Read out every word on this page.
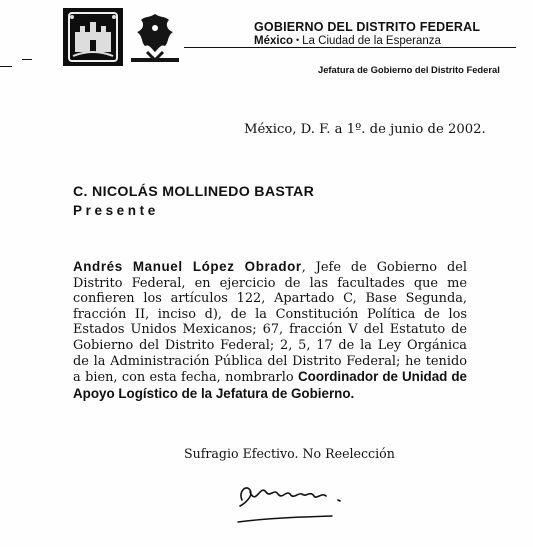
GOBIERNO DEL DISTRITO FEDERAL
México • La Ciudad de la Esperanza
Jefatura de Gobierno del Distrito Federal
México, D. F. a 1º. de junio de 2002.
C. NICOLÁS MOLLINEDO BASTAR
Presente
Andrés Manuel López Obrador, Jefe de Gobierno del Distrito Federal, en ejercicio de las facultades que me confieren los artículos 122, Apartado C, Base Segunda, fracción II, inciso d), de la Constitución Política de los Estados Unidos Mexicanos; 67, fracción V del Estatuto de Gobierno del Distrito Federal; 2, 5, 17 de la Ley Orgánica de la Administración Pública del Distrito Federal; he tenido a bien, con esta fecha, nombrarlo Coordinador de Unidad de Apoyo Logístico de la Jefatura de Gobierno.
Sufragio Efectivo. No Reelección
